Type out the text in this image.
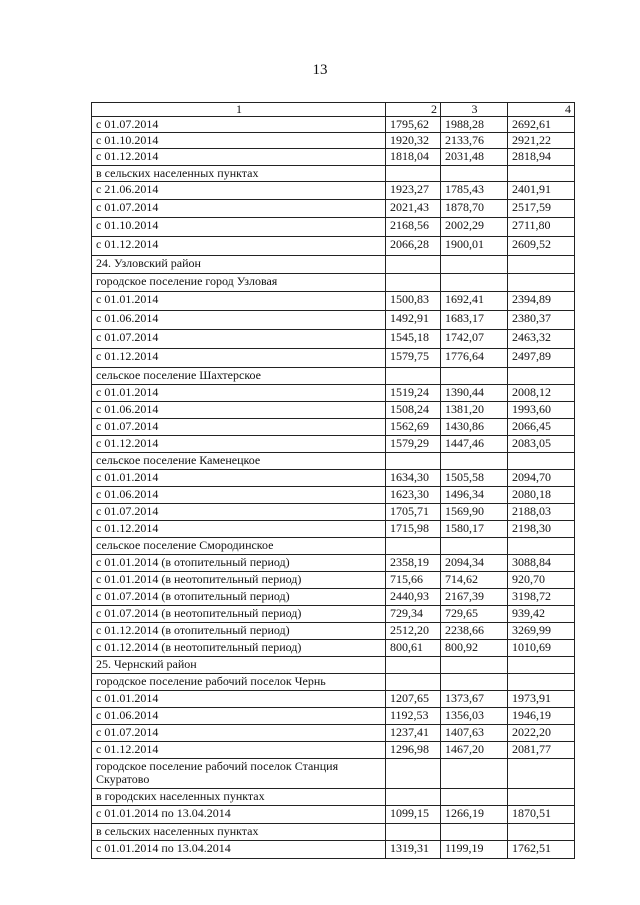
13
1	2	3	4
с 01.07.2014	1795,62	1988,28	2692,61
с 01.10.2014	1920,32	2133,76	2921,22
с 01.12.2014	1818,04	2031,48	2818,94
в сельских населенных пунктах			
с 21.06.2014	1923,27	1785,43	2401,91
с 01.07.2014	2021,43	1878,70	2517,59
с 01.10.2014	2168,56	2002,29	2711,80
с 01.12.2014	2066,28	1900,01	2609,52
24. Узловский район			
городское поселение город Узловая			
с 01.01.2014	1500,83	1692,41	2394,89
с 01.06.2014	1492,91	1683,17	2380,37
с 01.07.2014	1545,18	1742,07	2463,32
с 01.12.2014	1579,75	1776,64	2497,89
сельское поселение Шахтерское			
с 01.01.2014	1519,24	1390,44	2008,12
с 01.06.2014	1508,24	1381,20	1993,60
с 01.07.2014	1562,69	1430,86	2066,45
с 01.12.2014	1579,29	1447,46	2083,05
сельское поселение Каменецкое			
с 01.01.2014	1634,30	1505,58	2094,70
с 01.06.2014	1623,30	1496,34	2080,18
с 01.07.2014	1705,71	1569,90	2188,03
с 01.12.2014	1715,98	1580,17	2198,30
сельское поселение Смородинское			
с 01.01.2014 (в отопительный период)	2358,19	2094,34	3088,84
с 01.01.2014 (в неотопительный период)	715,66	714,62	920,70
с 01.07.2014 (в отопительный период)	2440,93	2167,39	3198,72
с 01.07.2014 (в неотопительный период)	729,34	729,65	939,42
с 01.12.2014 (в отопительный период)	2512,20	2238,66	3269,99
с 01.12.2014 (в неотопительный период)	800,61	800,92	1010,69
25. Чернский район			
городское поселение рабочий поселок Чернь			
с 01.01.2014	1207,65	1373,67	1973,91
с 01.06.2014	1192,53	1356,03	1946,19
с 01.07.2014	1237,41	1407,63	2022,20
с 01.12.2014	1296,98	1467,20	2081,77
городское поселение рабочий поселок Станция Скуратово			
в городских населенных пунктах			
с 01.01.2014 по 13.04.2014	1099,15	1266,19	1870,51
в сельских населенных пунктах			
с 01.01.2014 по 13.04.2014	1319,31	1199,19	1762,51
